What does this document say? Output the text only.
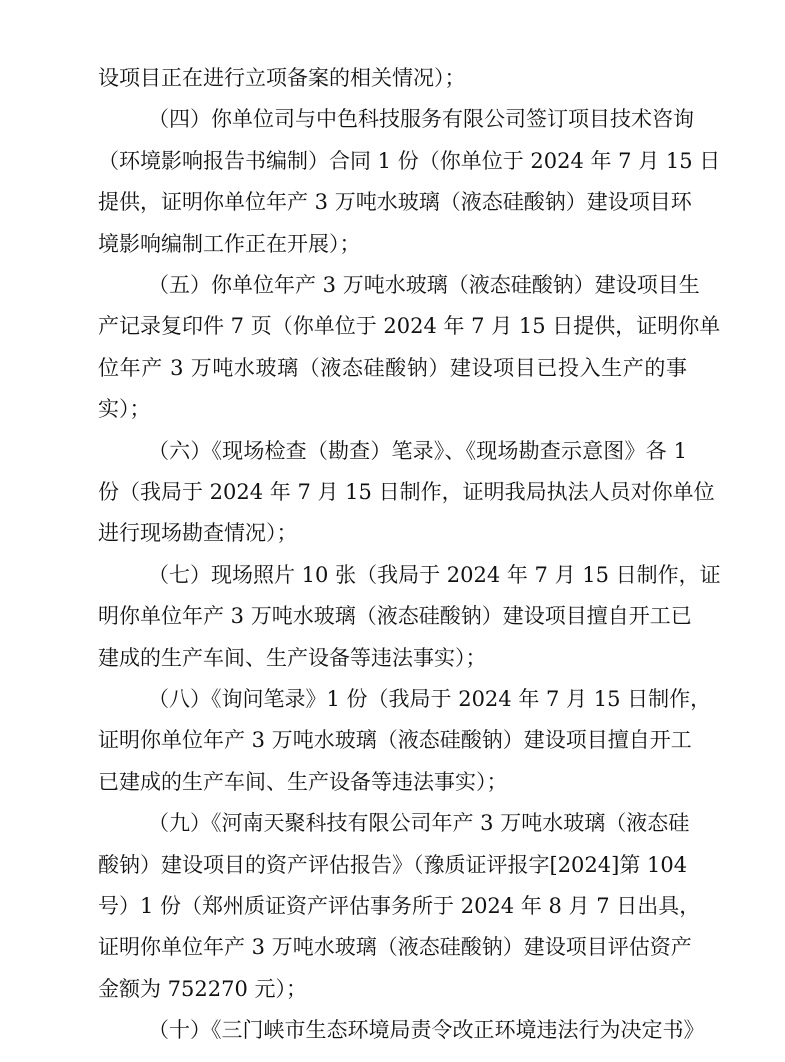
设项目正在进行立项备案的相关情况）；
（四）你单位司与中色科技服务有限公司签订项目技术咨询
（环境影响报告书编制）合同 1 份（你单位于 2024 年 7 月 15 日
提供，证明你单位年产 3 万吨水玻璃（液态硅酸钠）建设项目环
境影响编制工作正在开展）；
（五）你单位年产 3 万吨水玻璃（液态硅酸钠）建设项目生
产记录复印件 7 页（你单位于 2024 年 7 月 15 日提供，证明你单
位年产 3 万吨水玻璃（液态硅酸钠）建设项目已投入生产的事
实）；
（六）《现场检查（勘查）笔录》、《现场勘查示意图》各 1
份（我局于 2024 年 7 月 15 日制作，证明我局执法人员对你单位
进行现场勘查情况）；
（七）现场照片 10 张（我局于 2024 年 7 月 15 日制作，证
明你单位年产 3 万吨水玻璃（液态硅酸钠）建设项目擅自开工已
建成的生产车间、生产设备等违法事实）；
（八）《询问笔录》1 份（我局于 2024 年 7 月 15 日制作，
证明你单位年产 3 万吨水玻璃（液态硅酸钠）建设项目擅自开工
已建成的生产车间、生产设备等违法事实）；
（九）《河南天聚科技有限公司年产 3 万吨水玻璃（液态硅
酸钠）建设项目的资产评估报告》（豫质证评报字[2024]第 104
号）1 份（郑州质证资产评估事务所于 2024 年 8 月 7 日出具，
证明你单位年产 3 万吨水玻璃（液态硅酸钠）建设项目评估资产
金额为 752270 元）；
（十）《三门峡市生态环境局责令改正环境违法行为决定书》
